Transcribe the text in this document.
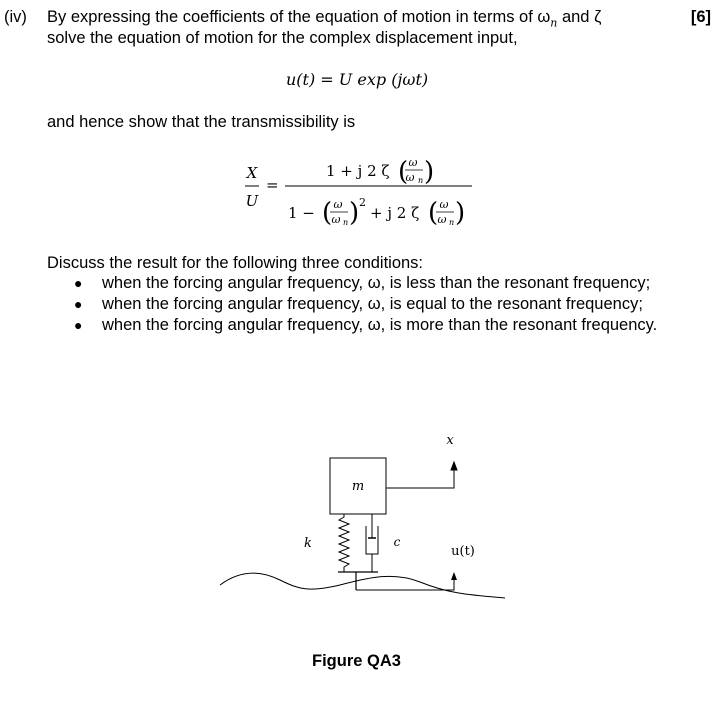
(iv) By expressing the coefficients of the equation of motion in terms of $\omega_n$ and ζ	[6]
solve the equation of motion for the complex displacement input,
u(t) = U exp (jωt)
and hence show that the transmissibility is
X
U
=
1 + j 2 ζ ( ω
ω n )
1 − ( ω
ω n ) 2
+ j 2 ζ ( ω
ω n )
Discuss the result for the following three conditions:
● when the forcing angular frequency, ω, is less than the resonant frequency;
● when the forcing angular frequency, ω, is equal to the resonant frequency;
● when the forcing angular frequency, ω, is more than the resonant frequency.
m
k	c
x
u(t)
Figure QA3
